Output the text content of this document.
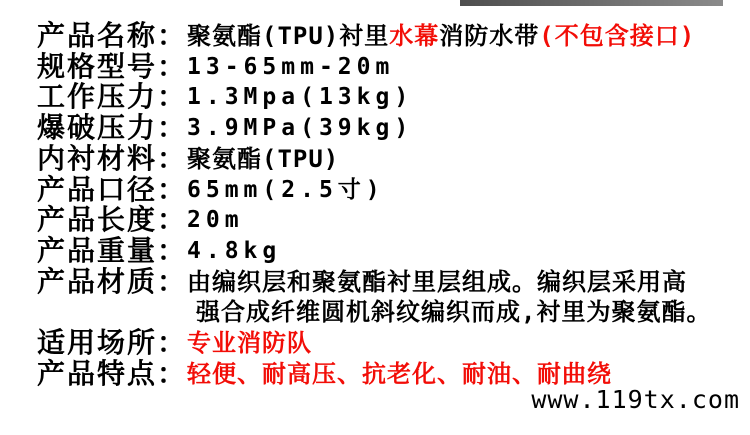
产品名称： 聚氨酯(TPU)衬里水幕消防水带(不包含接口)
规格型号： 13-65mm-20m
工作压力： 1.3Mpa(13kg)
爆破压力： 3.9MPa(39kg)
内衬材料： 聚氨酯(TPU)
产品口径： 65mm(2.5寸)
产品长度： 20m
产品重量： 4.8kg
产品材质： 由编织层和聚氨酯衬里层组成。编织层采用高
强合成纤维圆机斜纹编织而成,衬里为聚氨酯。
适用场所： 专业消防队
产品特点： 轻便、耐高压、抗老化、耐油、耐曲绕
www.119tx.com
